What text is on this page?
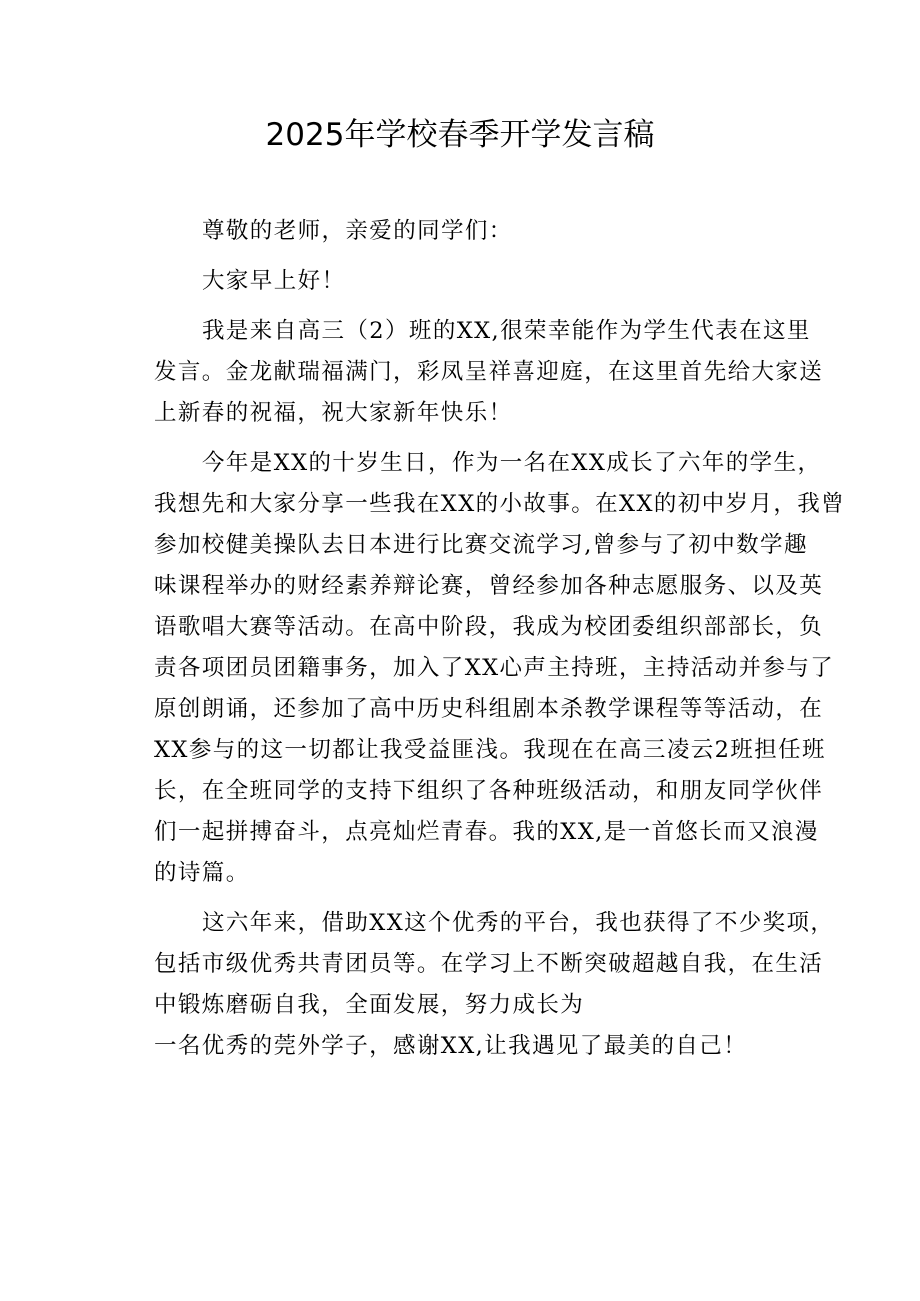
2025年学校春季开学发言稿

尊敬的老师，亲爱的同学们：

大家早上好！

我是来自高三（2）班的XX,很荣幸能作为学生代表在这里
发言。金龙献瑞福满门，彩凤呈祥喜迎庭，在这里首先给大家送
上新春的祝福，祝大家新年快乐！

今年是XX的十岁生日，作为一名在XX成长了六年的学生，
我想先和大家分享一些我在XX的小故事。在XX的初中岁月，我曾
参加校健美操队去日本进行比赛交流学习,曾参与了初中数学趣
味课程举办的财经素养辩论赛，曾经参加各种志愿服务、以及英
语歌唱大赛等活动。在高中阶段，我成为校团委组织部部长，负
责各项团员团籍事务，加入了XX心声主持班，主持活动并参与了
原创朗诵，还参加了高中历史科组剧本杀教学课程等等活动，在
XX参与的这一切都让我受益匪浅。我现在在高三凌云2班担任班
长，在全班同学的支持下组织了各种班级活动，和朋友同学伙伴
们一起拼搏奋斗，点亮灿烂青春。我的XX,是一首悠长而又浪漫
的诗篇。

这六年来，借助XX这个优秀的平台，我也获得了不少奖项，
包括市级优秀共青团员等。在学习上不断突破超越自我，在生活
中锻炼磨砺自我，全面发展，努力成长为
一名优秀的莞外学子，感谢XX,让我遇见了最美的自己！
